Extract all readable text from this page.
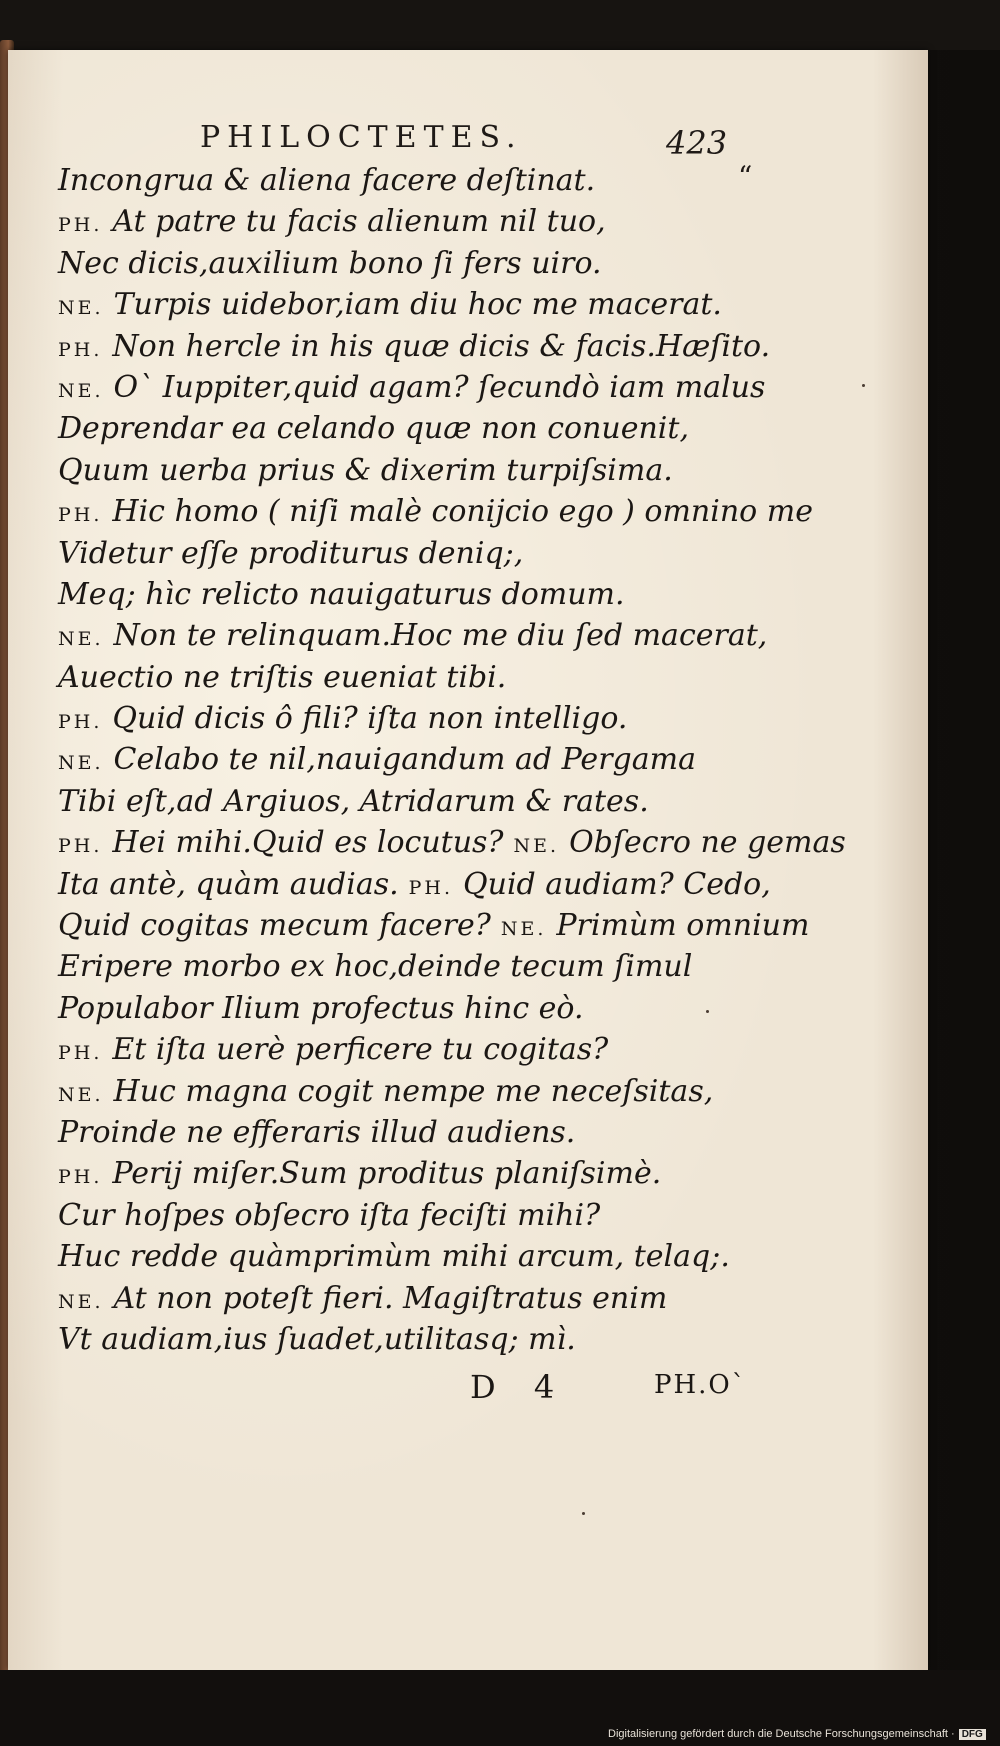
PHILOCTETES.	423
“
Incongrua & aliena facere deſtinat.
PH. At patre tu facis alienum nil tuo,
Nec dicis,auxilium bono ſi fers uiro.
NE. Turpis uidebor,iam diu hoc me macerat.
PH. Non hercle in his quæ dicis & facis.Hæſito.
NE. O` Iuppiter,quid agam? ſecundò iam malus
Deprendar ea celando quæ non conuenit,
Quum uerba prius & dixerim turpiſsima.
PH. Hic homo ( niſi malè conijcio ego ) omnino me
Videtur eſſe proditurus deniq;,
Meq; hìc relicto nauigaturus domum.
NE. Non te relinquam.Hoc me diu ſed macerat,
Auectio ne triſtis eueniat tibi.
PH. Quid dicis ô fili? iſta non intelligo.
NE. Celabo te nil,nauigandum ad Pergama
Tibi eſt,ad Argiuos, Atridarum & rates.
PH. Hei mihi.Quid es locutus? NE. Obſecro ne gemas
Ita antè, quàm audias. PH. Quid audiam? Cedo,
Quid cogitas mecum facere? NE. Primùm omnium
Eripere morbo ex hoc,deinde tecum ſimul
Populabor Ilium profectus hinc eò.
PH. Et iſta uerè perficere tu cogitas?
NE. Huc magna cogit nempe me neceſsitas,
Proinde ne efferaris illud audiens.
PH. Perij miſer.Sum proditus planiſsimè.
Cur hoſpes obſecro iſta feciſti mihi?
Huc redde quàmprimùm mihi arcum, telaq;.
NE. At non poteſt fieri. Magiſtratus enim
Vt audiam,ius ſuadet,utilitasq; mì.
D 4	PH.O`
Digitalisierung gefördert durch die Deutsche Forschungsgemeinschaft · DFG
